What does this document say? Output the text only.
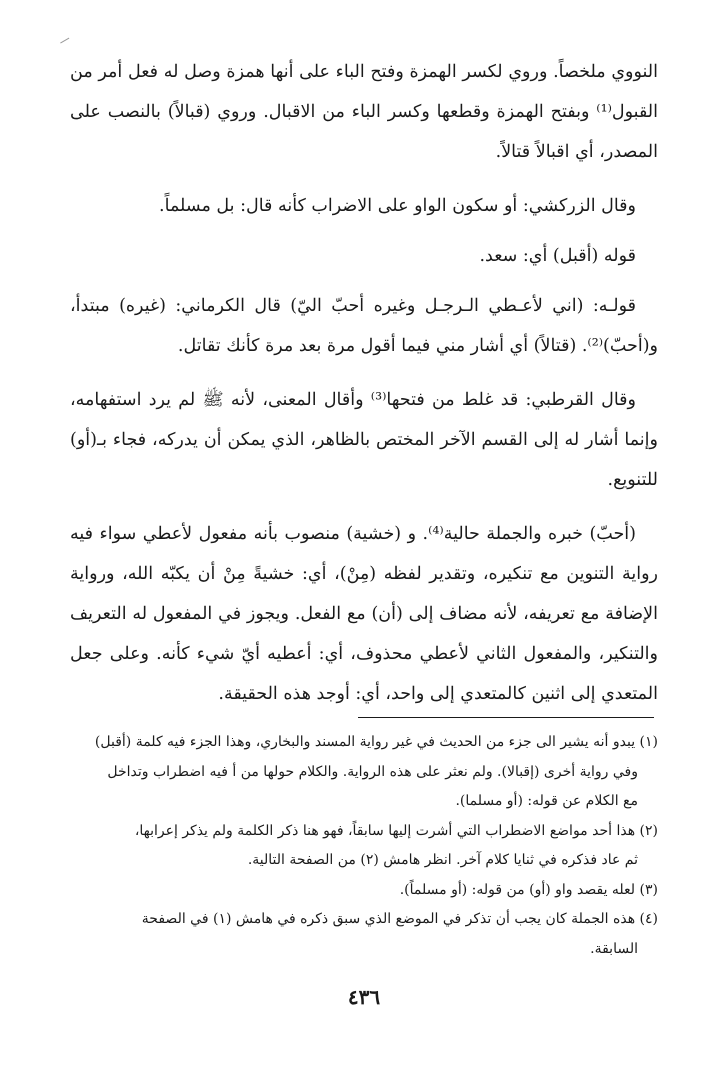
النووي ملخصاً. وروي لكسر الهمزة وفتح الباء على أنها همزة وصل له فعل أمر من القبول⁽¹⁾ وبفتح الهمزة وقطعها وكسر الباء من الاقبال. وروي (قبالاً) بالنصب على المصدر، أي اقبالاً قتالاً.

وقال الزركشي: أو سكون الواو على الاضراب كأنه قال: بل مسلماً.

قوله (أقبل) أي: سعد.

قولـه: (اني لأعـطي الـرجـل وغيره أحبّ اليّ) قال الكرماني: (غيره) مبتدأ، و(أحبّ)⁽²⁾. (قتالاً) أي أشار مني فيما أقول مرة بعد مرة كأنك تقاتل.

وقال القرطبي: قد غلط من فتحها⁽³⁾ وأقال المعنى، لأنه ﷺ لم يرد استفهامه، وإنما أشار له إلى القسم الآخر المختص بالظاهر، الذي يمكن أن يدركه، فجاء بـ(أو) للتنويع.

(أحبّ) خبره والجملة حالية⁽⁴⁾. و (خشية) منصوب بأنه مفعول لأعطي سواء فيه رواية التنوين مع تنكيره، وتقدير لفظه (مِنْ)، أي: خشيةً مِنْ أن يكبّه الله، ورواية الإضافة مع تعريفه، لأنه مضاف إلى (أن) مع الفعل. ويجوز في المفعول له التعريف والتنكير، والمفعول الثاني لأعطي محذوف، أي: أعطيه أيّ شيء كأنه. وعلى جعل المتعدي إلى اثنين كالمتعدي إلى واحد، أي: أوجد هذه الحقيقة.

(١) يبدو أنه يشير الى جزء من الحديث في غير رواية المسند والبخاري، وهذا الجزء فيه كلمة (أقبل)
وفي رواية أخرى (إقبالا). ولم نعثر على هذه الرواية. والكلام حولها من أ فيه اضطراب وتداخل
مع الكلام عن قوله: (أو مسلما).

(٢) هذا أحد مواضع الاضطراب التي أشرت إليها سابقاً، فهو هنا ذكر الكلمة ولم يذكر إعرابها،
ثم عاد فذكره في ثنايا كلام آخر. انظر هامش (٢) من الصفحة التالية.

(٣) لعله يقصد واو (أو) من قوله: (أو مسلماً).

(٤) هذه الجملة كان يجب أن تذكر في الموضع الذي سبق ذكره في هامش (١) في الصفحة
السابقة.

٤٣٦
